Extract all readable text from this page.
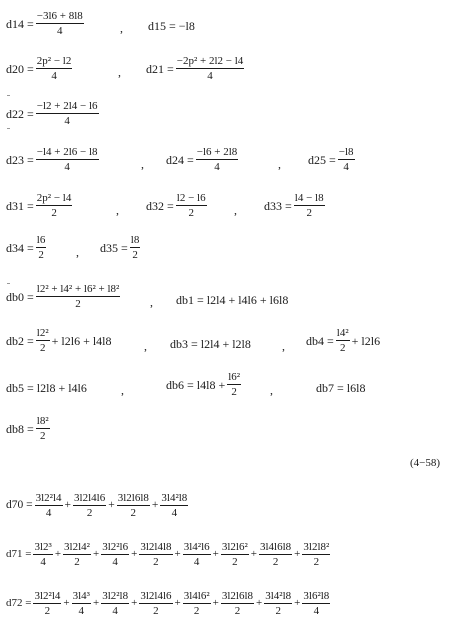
$d14 = \frac{-3l6 + 8l8}{4}$	, d15 =
−l8
$d20 = \frac{\text{2p² − l2}}{4}$	, $d21 = \frac{\text{−2p² + 2l2 − l4}}{4}$
$d22 = \frac{-l2 + 2l4 - l6}{4}$
$d23 = \frac{-l4 + 2l6 - l8}{4}$	, $d24 = \frac{-l6 + 2l8}{4}$	, $d25 = \frac{-l8}{4}$
$d31 = \frac{\text{2p² − l4}}{2}$	, $d32 = \frac{l2 - l6}{2}$ , $d33 = \frac{l4 - l8}{2}$
$d34 = \frac{l6}{2}$ , $d35 = \frac{l8}{2}$
$db0 = \frac{\text{l2² + l4² + l6² + l8²}}{2}$ , db1 =
l2l4 + l4l6 + l6l8
$db2 = \frac{\text{l2²}}{2} + l2l6 + l4l8$	, db3 =
l2l4 + l2l8	, $db4 = \frac{\text{l4²}}{2} + l2l6$
db5 =
l2l8 + l4l6	,	db6 =
$l4l8 + \frac{\text{l6²}}{2}$ ,	db7 =
l6l8
$db8 = \frac{\text{l8²}}{2}$
(4−58)
$d70 = \frac{\text{3l2²l4}}{4} + \frac{3l2l4l6}{2} + \frac{3l2l6l8}{2} + \frac{\text{3l4²l8}}{4}$
$d71 = \frac{\text{3l2³}}{4} + \frac{\text{3l2l4²}}{2} + \frac{\text{3l2²l6}}{4} + \frac{3l2l4l8}{2} + \frac{\text{3l4²l6}}{4} + \frac{\text{3l2l6²}}{2} + \frac{3l4l6l8}{2} + \frac{\text{3l2l8²}}{2}$
$d72 = \frac{\text{3l2²l4}}{2} + \frac{\text{3l4³}}{4} + \frac{\text{3l2²l8}}{4} + \frac{3l2l4l6}{2} + \frac{\text{3l4l6²}}{2} + \frac{3l2l6l8}{2} + \frac{\text{3l4²l8}}{2} + \frac{\text{3l6²l8}}{4}$
